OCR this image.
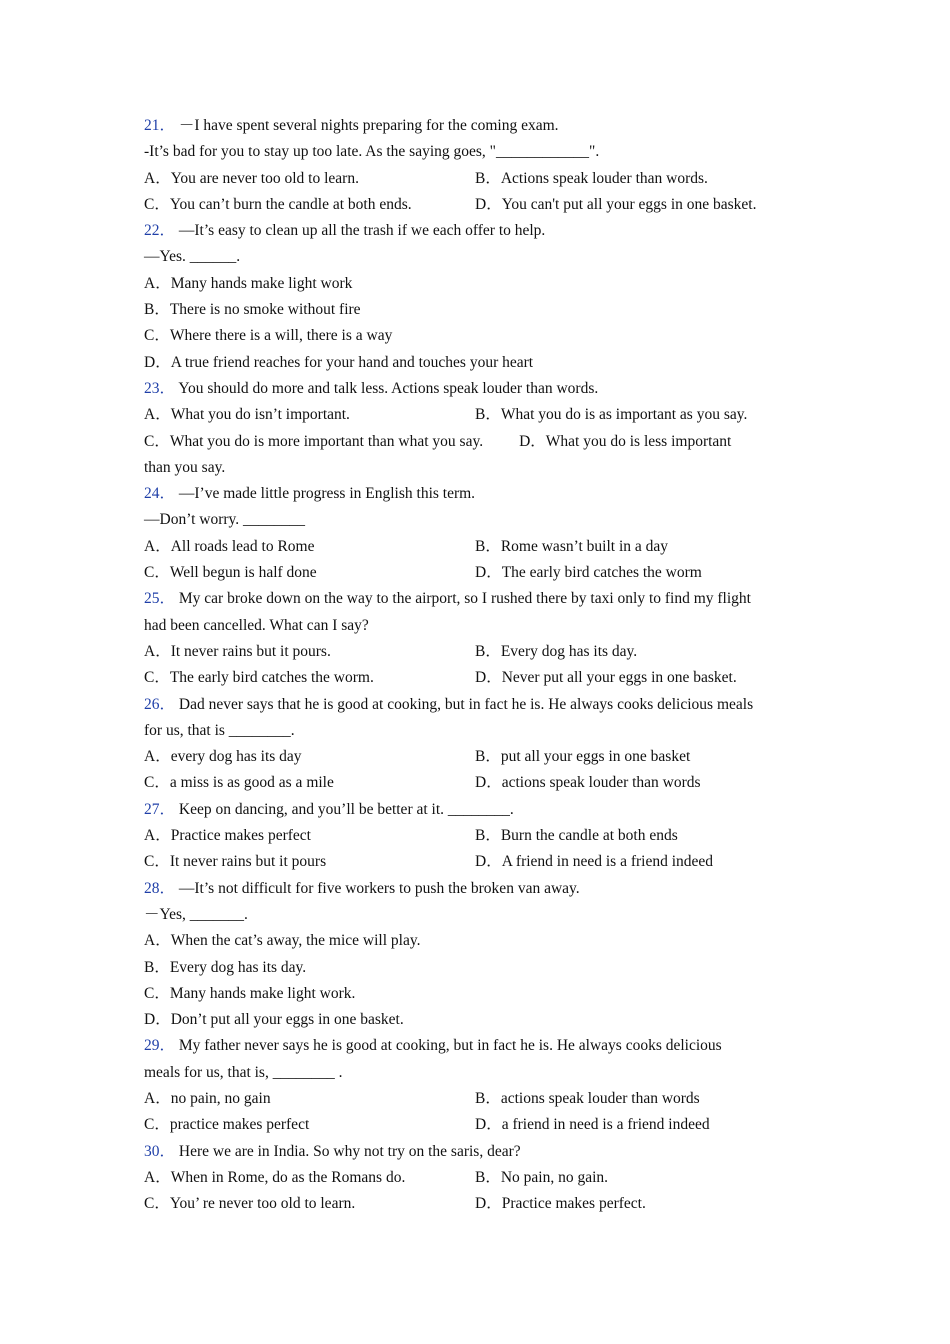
21． －I have spent several nights preparing for the coming exam.
-It’s bad for you to stay up too late. As the saying goes, "____________".
A．You are never too old to learn.	B．Actions speak louder than words.
C．You can’t burn the candle at both ends.	D．You can't put all your eggs in one basket.
22． —It’s easy to clean up all the trash if we each offer to help.
—Yes. ______.
A．Many hands make light work
B．There is no smoke without fire
C．Where there is a will, there is a way
D．A true friend reaches for your hand and touches your heart
23． You should do more and talk less. Actions speak louder than words.
A．What you do isn’t important.	B．What you do is as important as you say.
C．What you do is more important than what you say. D．What you do is less important
than you say.
24． —I’ve made little progress in English this term.
—Don’t worry. ________
A．All roads lead to Rome	B．Rome wasn’t built in a day
C．Well begun is half done	D．The early bird catches the worm
25． My car broke down on the way to the airport, so I rushed there by taxi only to find my flight
had been cancelled. What can I say?
A．It never rains but it pours.	B．Every dog has its day.
C．The early bird catches the worm.	D．Never put all your eggs in one basket.
26． Dad never says that he is good at cooking, but in fact he is. He always cooks delicious meals
for us, that is ________.
A．every dog has its day	B．put all your eggs in one basket
C．a miss is as good as a mile	D．actions speak louder than words
27． Keep on dancing, and you’ll be better at it. ________.
A．Practice makes perfect	B．Burn the candle at both ends
C．It never rains but it pours	D．A friend in need is a friend indeed
28． —It’s not difficult for five workers to push the broken van away.
－Yes, _______.
A．When the cat’s away, the mice will play.
B．Every dog has its day.
C．Many hands make light work.
D．Don’t put all your eggs in one basket.
29． My father never says he is good at cooking, but in fact he is. He always cooks delicious
meals for us, that is, ________ .
A．no pain, no gain	B．actions speak louder than words
C．practice makes perfect	D．a friend in need is a friend indeed
30． Here we are in India. So why not try on the saris, dear?
A．When in Rome, do as the Romans do.	B．No pain, no gain.
C．You’ re never too old to learn.	D．Practice makes perfect.
